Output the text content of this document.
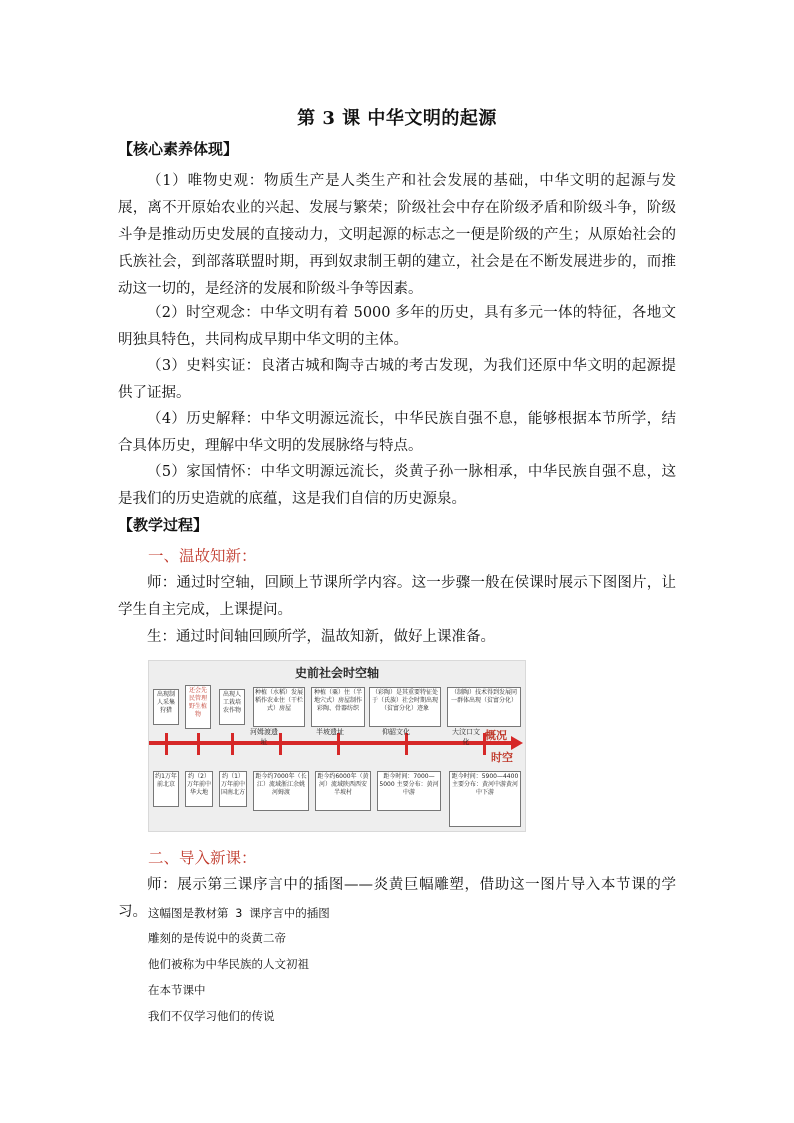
第 3 课 中华文明的起源
【核心素养体现】
（1）唯物史观：物质生产是人类生产和社会发展的基础，中华文明的起源与发展，离不开原始农业的兴起、发展与繁荣；阶级社会中存在阶级矛盾和阶级斗争，阶级斗争是推动历史发展的直接动力，文明起源的标志之一便是阶级的产生；从原始社会的氏族社会，到部落联盟时期，再到奴隶制王朝的建立，社会是在不断发展进步的，而推动这一切的，是经济的发展和阶级斗争等因素。
（2）时空观念：中华文明有着 5000 多年的历史，具有多元一体的特征，各地文明独具特色，共同构成早期中华文明的主体。
（3）史料实证：良渚古城和陶寺古城的考古发现，为我们还原中华文明的起源提供了证据。
（4）历史解释：中华文明源远流长，中华民族自强不息，能够根据本节所学，结合具体历史，理解中华文明的发展脉络与特点。
（5）家国情怀：中华文明源远流长，炎黄子孙一脉相承，中华民族自强不息，这是我们的历史造就的底蕴，这是我们自信的历史源泉。
【教学过程】
一、温故知新：
师：通过时空轴，回顾上节课所学内容。这一步骤一般在侯课时展示下图图片，让学生自主完成，上课提问。
生：通过时间轴回顾所学，温故知新，做好上课准备。
史前社会时空轴
出现制人采集狩猎
还会先民管理野生植物
出现人工栽培农作物
种植（水稻）发展稻作农业住（干栏式）房屋
种植（粟）住（半地穴式）房屋制作彩陶、骨器纺织
（彩陶）是其重要特征处于（氏族）社会时期出现（贫富分化）迹象
（制陶）技术得到发展同一群体出现（贫富分化）
河姆渡遗址
半坡遗址	仰韶文化	大汶口文化	概况
时空
约1万年前北京
约（2）万年前中华大地
约（1）万年前中国南北方
距今约7000年（长江）流域浙江余姚河姆渡
距今约6000年（黄河）流域陕西西安半坡村
距今时间：7000—5000 主要分布：黄河中游
距今时间：5900—4400 主要分布：黄河中游黄河中下游
二、导入新课：
师：展示第三课序言中的插图——炎黄巨幅雕塑，借助这一图片导入本节课的学习。 这幅图是教材第 3 课序言中的插图
雕刻的是传说中的炎黄二帝
他们被称为中华民族的人文初祖
在本节课中
我们不仅学习他们的传说
